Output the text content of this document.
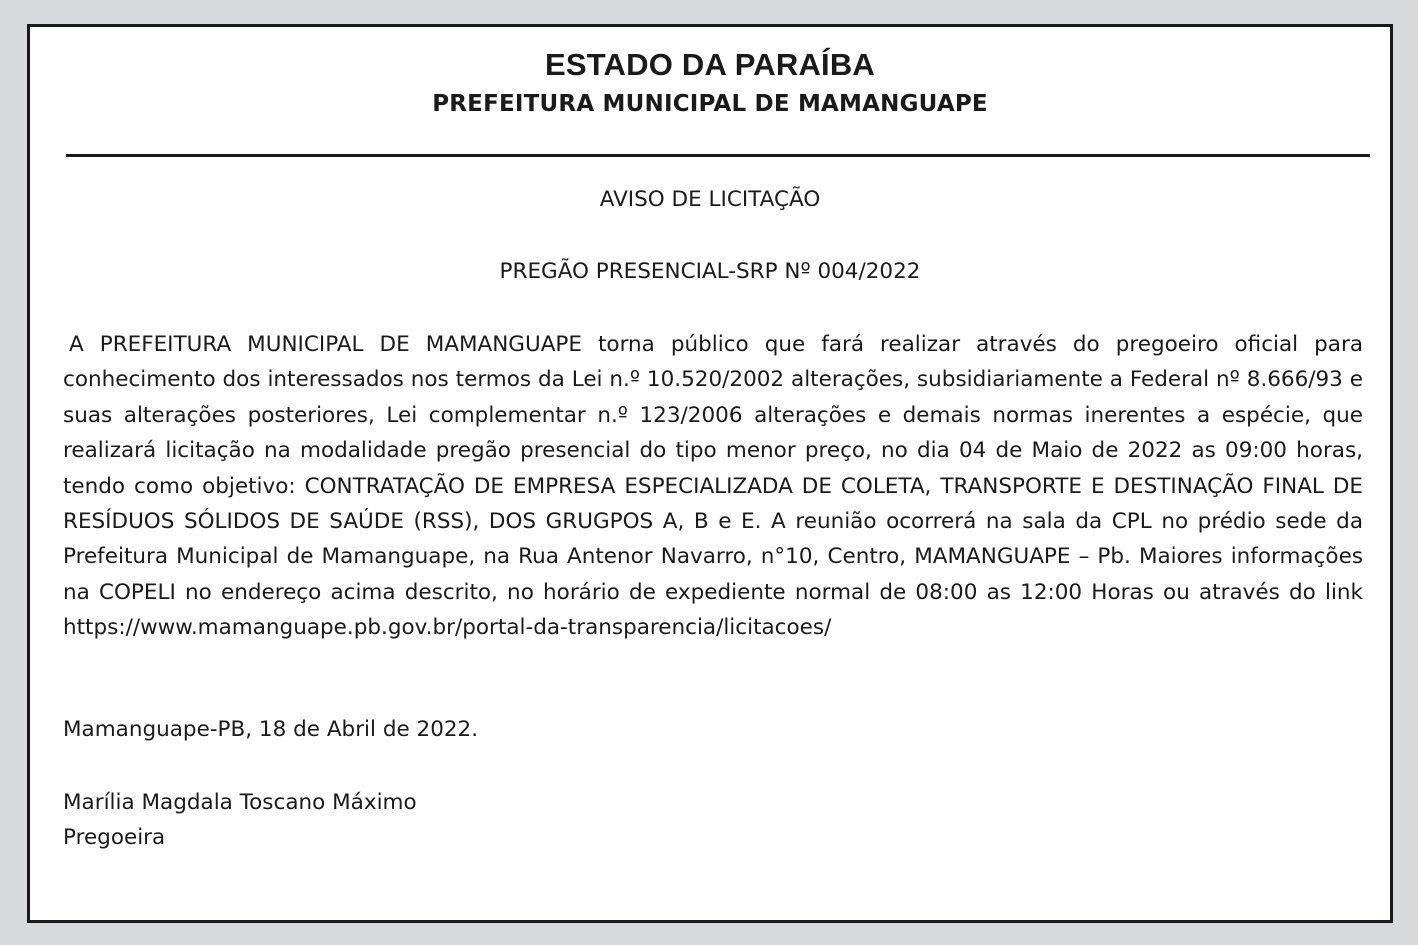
ESTADO DA PARAÍBA
PREFEITURA MUNICIPAL DE MAMANGUAPE

AVISO DE LICITAÇÃO

PREGÃO PRESENCIAL-SRP Nº 004/2022

A PREFEITURA MUNICIPAL DE MAMANGUAPE torna público que fará realizar através do pregoeiro oficial para conhecimento dos interessados nos termos da Lei n.º 10.520/2002 alterações, subsidiariamente a Federal nº 8.666/93 e suas alterações posteriores, Lei complementar n.º 123/2006 alterações e demais normas inerentes a espécie, que realizará licitação na modalidade pregão presencial do tipo menor preço, no dia 04 de Maio de 2022 as 09:00 horas, tendo como objetivo: CONTRATAÇÃO DE EMPRESA ESPECIALIZADA DE COLETA, TRANSPORTE E DESTINAÇÃO FINAL DE RESÍDUOS SÓLIDOS DE SAÚDE (RSS), DOS GRUGPOS A, B e E. A reunião ocorrerá na sala da CPL no prédio sede da Prefeitura Municipal de Mamanguape, na Rua Antenor Navarro, n°10, Centro, MAMANGUAPE – Pb. Maiores informações na COPELI no endereço acima descrito, no horário de expediente normal de 08:00 as 12:00 Horas ou através do link https://www.mamanguape.pb.gov.br/portal-da-transparencia/licitacoes/

Mamanguape-PB, 18 de Abril de 2022.

Marília Magdala Toscano Máximo

Pregoeira
